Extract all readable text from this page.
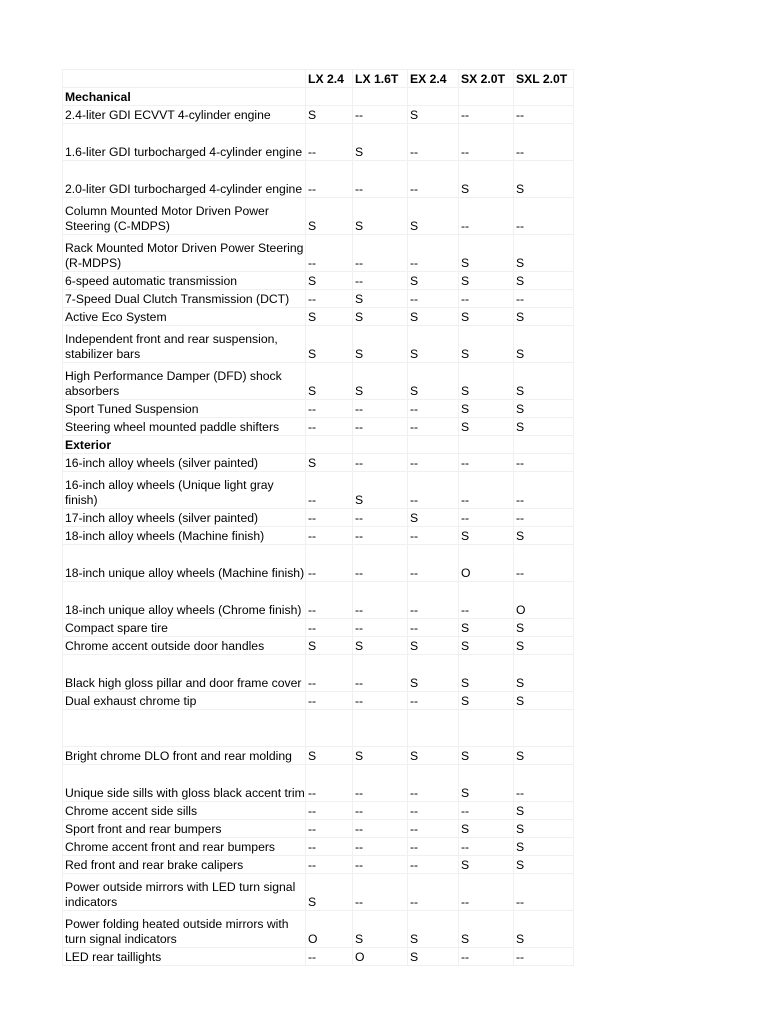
	LX 2.4	LX 1.6T	EX 2.4	SX 2.0T	SXL 2.0T
Mechanical					
2.4-liter GDI ECVVT 4-cylinder engine	S	--	S	--	--
1.6-liter GDI turbocharged 4-cylinder engine	--	S	--	--	--
2.0-liter GDI turbocharged 4-cylinder engine	--	--	--	S	S
Column Mounted Motor Driven Power Steering (C-MDPS)	S	S	S	--	--
Rack Mounted Motor Driven Power Steering (R-MDPS)	--	--	--	S	S
6-speed automatic transmission	S	--	S	S	S
7-Speed Dual Clutch Transmission (DCT)	--	S	--	--	--
Active Eco System	S	S	S	S	S
Independent front and rear suspension, stabilizer bars	S	S	S	S	S
High Performance Damper (DFD) shock absorbers	S	S	S	S	S
Sport Tuned Suspension	--	--	--	S	S
Steering wheel mounted paddle shifters	--	--	--	S	S
Exterior					
16-inch alloy wheels (silver painted)	S	--	--	--	--
16-inch alloy wheels (Unique light gray finish)	--	S	--	--	--
17-inch alloy wheels (silver painted)	--	--	S	--	--
18-inch alloy wheels (Machine finish)	--	--	--	S	S
18-inch unique alloy wheels (Machine finish)	--	--	--	O	--
18-inch unique alloy wheels (Chrome finish)	--	--	--	--	O
Compact spare tire	--	--	--	S	S
Chrome accent outside door handles	S	S	S	S	S
Black high gloss pillar and door frame cover	--	--	S	S	S
Dual exhaust chrome tip	--	--	--	S	S

Bright chrome DLO front and rear molding	S	S	S	S	S
Unique side sills with gloss black accent trim	--	--	--	S	--
Chrome accent side sills	--	--	--	--	S
Sport front and rear bumpers	--	--	--	S	S
Chrome accent front and rear bumpers	--	--	--	--	S
Red front and rear brake calipers	--	--	--	S	S
Power outside mirrors with LED turn signal indicators	S	--	--	--	--
Power folding heated outside mirrors with turn signal indicators	O	S	S	S	S
LED rear taillights	--	O	S	--	--
